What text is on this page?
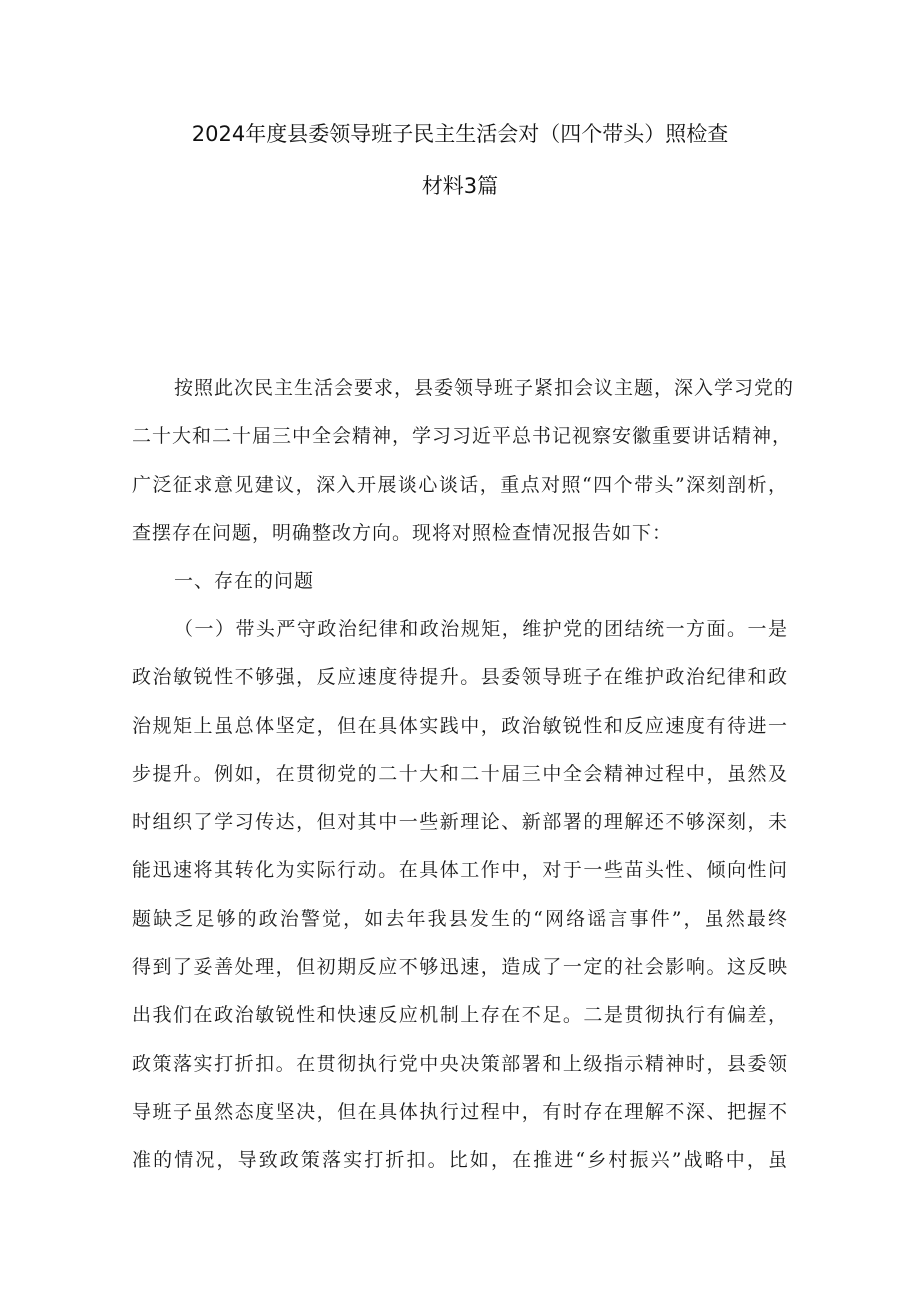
2024年度县委领导班子民主生活会对（四个带头）照检查
材料3篇
按照此次民主生活会要求，县委领导班子紧扣会议主题，深入学习党的
二十大和二十届三中全会精神，学习习近平总书记视察安徽重要讲话精神，
广泛征求意见建议，深入开展谈心谈话，重点对照“四个带头”深刻剖析，
查摆存在问题，明确整改方向。现将对照检查情况报告如下：
一、存在的问题
（一）带头严守政治纪律和政治规矩，维护党的团结统一方面。一是
政治敏锐性不够强，反应速度待提升。县委领导班子在维护政治纪律和政
治规矩上虽总体坚定，但在具体实践中，政治敏锐性和反应速度有待进一
步提升。例如，在贯彻党的二十大和二十届三中全会精神过程中，虽然及
时组织了学习传达，但对其中一些新理论、新部署的理解还不够深刻，未
能迅速将其转化为实际行动。在具体工作中，对于一些苗头性、倾向性问
题缺乏足够的政治警觉，如去年我县发生的“网络谣言事件”，虽然最终
得到了妥善处理，但初期反应不够迅速，造成了一定的社会影响。这反映
出我们在政治敏锐性和快速反应机制上存在不足。二是贯彻执行有偏差，
政策落实打折扣。在贯彻执行党中央决策部署和上级指示精神时，县委领
导班子虽然态度坚决，但在具体执行过程中，有时存在理解不深、把握不
准的情况，导致政策落实打折扣。比如，在推进“乡村振兴”战略中，虽
